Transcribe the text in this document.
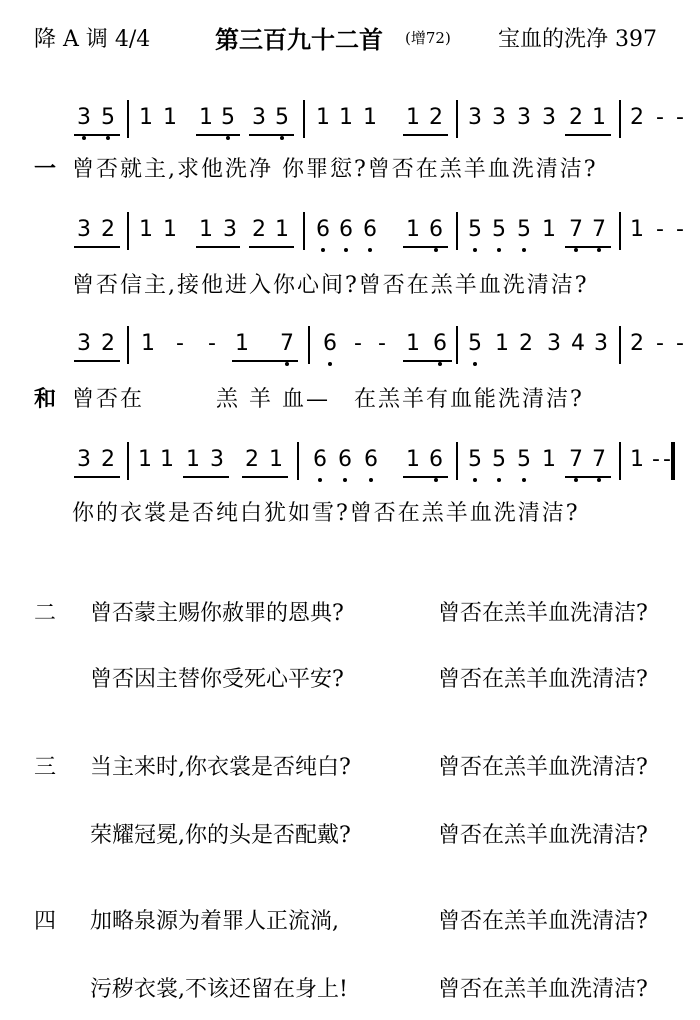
降 A 调 4/4	第三百九十二首 (增72) 宝血的洗净 397
3 5 1 1 1 5 3 5 1 1 1 1 2 3 3 3 3 2 1 2 - -
一 曾否就主,求他洗净 你罪愆?曾否在羔羊血洗清洁?
3 2 1 1 1 3 2 1 6 6 6 1 6 5 5 5 1 7 7 1 - -
曾否信主,接他进入你心间?曾否在羔羊血洗清洁?
3 2 1 - - 1 7 6 - - 1 6 5 1 2 3 4 3 2 - -
和 曾否在　　　羔 羊 血—　在羔羊有血能洗清洁?
3 2 1 1 1 3 2 1 6 6 6 1 6 5 5 5 1 7 7 1 - -
你的衣裳是否纯白犹如雪?曾否在羔羊血洗清洁?
二 曾否蒙主赐你赦罪的恩典?	曾否在羔羊血洗清洁?
曾否因主替你受死心平安?	曾否在羔羊血洗清洁?
三 当主来时,你衣裳是否纯白?	曾否在羔羊血洗清洁?
荣耀冠冕,你的头是否配戴?	曾否在羔羊血洗清洁?
四 加略泉源为着罪人正流淌,	曾否在羔羊血洗清洁?
污秽衣裳,不该还留在身上!	曾否在羔羊血洗清洁?
